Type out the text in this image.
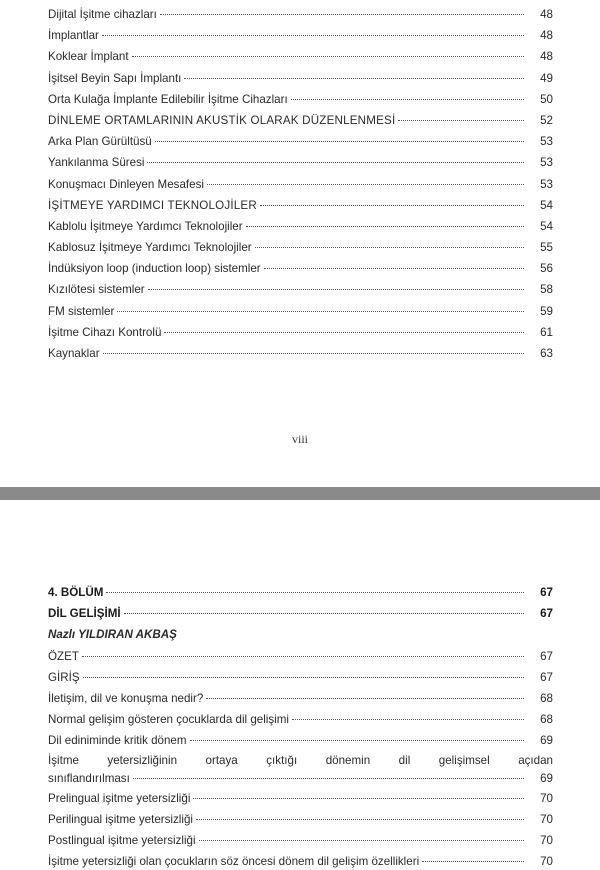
Dijital İşitme cihazları	48
İmplantlar	48
Koklear İmplant	48
İşitsel Beyin Sapı İmplantı	49
Orta Kulağa İmplante Edilebilir İşitme Cihazları	50
DİNLEME ORTAMLARININ AKUSTİK OLARAK DÜZENLENMESİ	52
Arka Plan Gürültüsü	53
Yankılanma Süresi	53
Konuşmacı Dinleyen Mesafesi	53
İŞİTMEYE YARDIMCI TEKNOLOJİLER	54
Kablolu İşitmeye Yardımcı Teknolojiler	54
Kablosuz İşitmeye Yardımcı Teknolojiler	55
İndüksiyon loop (induction loop) sistemler	56
Kızılötesi sistemler	58
FM sistemler	59
İşitme Cihazı Kontrolü	61
Kaynaklar	63
viii
4. BÖLÜM	67
DİL GELİŞİMİ	67
Nazlı YILDIRAN AKBAŞ
ÖZET	67
GİRİŞ	67
İletişim, dil ve konuşma nedir?	68
Normal gelişim gösteren çocuklarda dil gelişimi	68
Dil ediniminde kritik dönem	69
İşitme yetersizliğinin ortaya çıktığı dönemin dil gelişimsel açıdan
sınıflandırılması	69
Prelingual işitme yetersizliği	70
Perilingual işitme yetersizliği	70
Postlingual işitme yetersizliği	70
İşitme yetersizliği olan çocukların söz öncesi dönem dil gelişim özellikleri	70
